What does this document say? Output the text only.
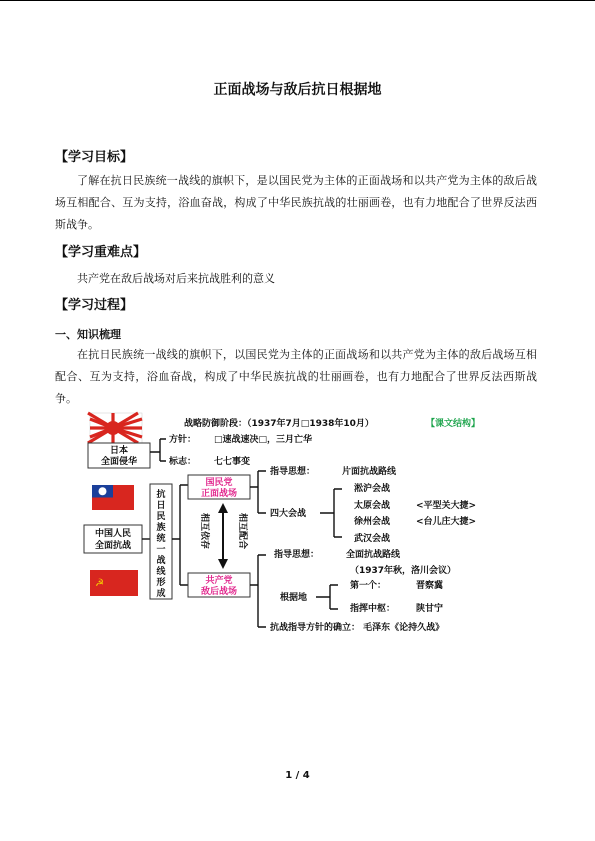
正面战场与敌后抗日根据地
【学习目标】
了解在抗日民族统一战线的旗帜下，是以国民党为主体的正面战场和以共产党为主体的敌后战场互相配合、互为支持，浴血奋战，构成了中华民族抗战的壮丽画卷，也有力地配合了世界反法西斯战争。
【学习重难点】
共产党在敌后战场对后来抗战胜利的意义
【学习过程】
一、知识梳理
在抗日民族统一战线的旗帜下，以国民党为主体的正面战场和以共产党为主体的敌后战场互相配合、互为支持，浴血奋战，构成了中华民族抗战的壮丽画卷，也有力地配合了世界反法西斯战争。
战略防御阶段：（1937年7月□1938年10月）	【课文结构】
日本
全面侵华
方针： □速战速决□，三月亡华
标志： 七七事变
中国人民
全面抗战
☭
抗
日
民
族
统
一
战
线
形
成
国民党
正面战场
共产党
敌后战场
相互依存	相互配合
指导思想：	片面抗战路线
四大会战
淞沪会战
太原会战	<平型关大捷>
徐州会战	<台儿庄大捷>
武汉会战
指导思想：	全面抗战路线
（1937年秋，洛川会议）
根据地
第一个：	晋察冀
指挥中枢： 陕甘宁
抗战指导方针的确立： 毛泽东《论持久战》
1 / 4
